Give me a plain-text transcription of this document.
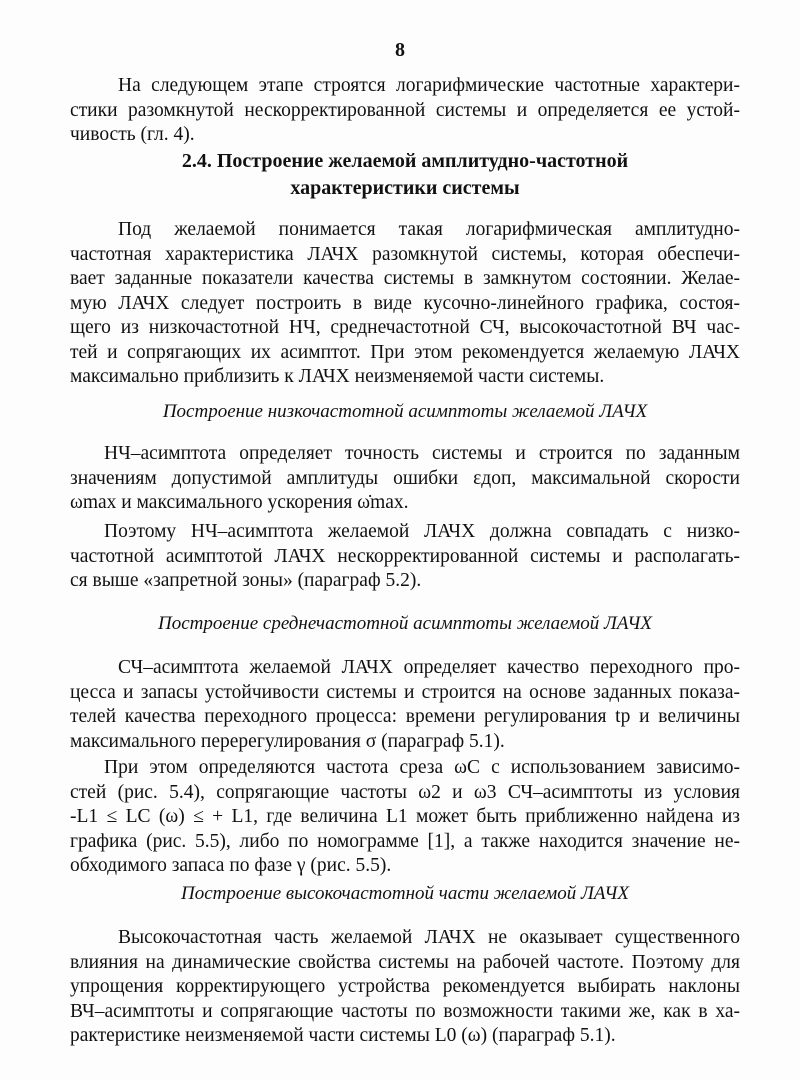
8
На следующем этапе строятся логарифмические частотные характери-
стики разомкнутой нескорректированной системы и определяется ее устой-
чивость (гл. 4).
2.4. Построение желаемой амплитудно-частотной
характеристики системы
Под желаемой понимается такая логарифмическая амплитудно-
частотная характеристика ЛАЧХ разомкнутой системы, которая обеспечи-
вает заданные показатели качества системы в замкнутом состоянии. Желае-
мую ЛАЧХ следует построить в виде кусочно-линейного графика, состоя-
щего из низкочастотной НЧ, среднечастотной СЧ, высокочастотной ВЧ час-
тей и сопрягающих их асимптот. При этом рекомендуется желаемую ЛАЧХ
максимально приблизить к ЛАЧХ неизменяемой части системы.
Построение низкочастотной асимптоты желаемой ЛАЧХ
НЧ–асимптота определяет точность системы и строится по заданным
значениям допустимой амплитуды ошибки εдоп, максимальной скорости
ωmax и максимального ускорения ω̇max.
Поэтому НЧ–асимптота желаемой ЛАЧХ должна совпадать с низко-
частотной асимптотой ЛАЧХ нескорректированной системы и располагать-
ся выше «запретной зоны» (параграф 5.2).
Построение среднечастотной асимптоты желаемой ЛАЧХ
СЧ–асимптота желаемой ЛАЧХ определяет качество переходного про-
цесса и запасы устойчивости системы и строится на основе заданных показа-
телей качества переходного процесса: времени регулирования tр и величины
максимального перерегулирования σ (параграф 5.1).
При этом определяются частота среза ωС с использованием зависимо-
стей (рис. 5.4), сопрягающие частоты ω2 и ω3 СЧ–асимптоты из условия
-L1 ≤ LC (ω) ≤ + L1, где величина L1 может быть приближенно найдена из
графика (рис. 5.5), либо по номограмме [1], а также находится значение не-
обходимого запаса по фазе γ (рис. 5.5).
Построение высокочастотной части желаемой ЛАЧХ
Высокочастотная часть желаемой ЛАЧХ не оказывает существенного
влияния на динамические свойства системы на рабочей частоте. Поэтому для
упрощения корректирующего устройства рекомендуется выбирать наклоны
ВЧ–асимптоты и сопрягающие частоты по возможности такими же, как в ха-
рактеристике неизменяемой части системы L0 (ω) (параграф 5.1).
